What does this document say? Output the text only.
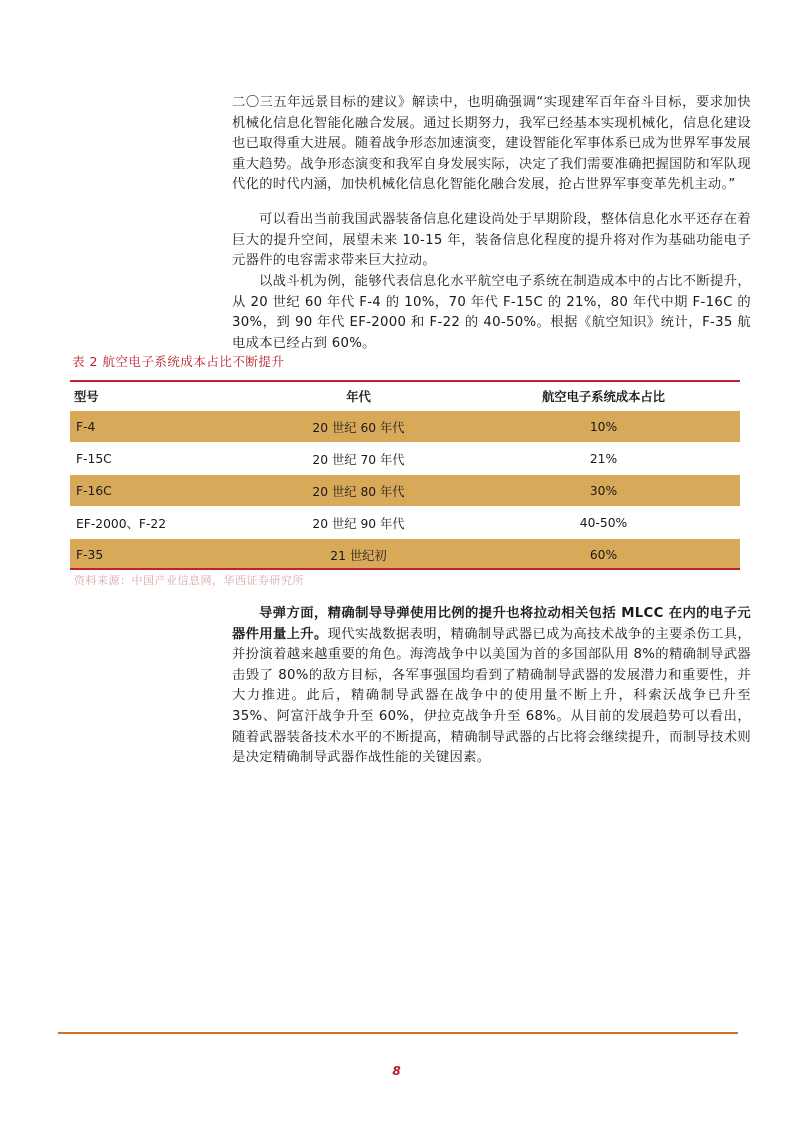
二〇三五年远景目标的建议》解读中，也明确强调“实现建军百年奋斗目标，要求加快机械化信息化智能化融合发展。通过长期努力，我军已经基本实现机械化，信息化建设也已取得重大进展。随着战争形态加速演变，建设智能化军事体系已成为世界军事发展重大趋势。战争形态演变和我军自身发展实际，决定了我们需要准确把握国防和军队现代化的时代内涵，加快机械化信息化智能化融合发展，抢占世界军事变革先机主动。”

可以看出当前我国武器装备信息化建设尚处于早期阶段，整体信息化水平还存在着巨大的提升空间，展望未来 10-15 年，装备信息化程度的提升将对作为基础功能电子元器件的电容需求带来巨大拉动。

以战斗机为例，能够代表信息化水平航空电子系统在制造成本中的占比不断提升，从 20 世纪 60 年代 F-4 的 10%，70 年代 F-15C 的 21%，80 年代中期 F-16C 的 30%，到 90 年代 EF-2000 和 F-22 的 40-50%。根据《航空知识》统计，F-35 航电成本已经占到 60%。

表 2 航空电子系统成本占比不断提升
型号	年代	航空电子系统成本占比
F-4	20 世纪 60 年代	10%
F-15C	20 世纪 70 年代	21%
F-16C	20 世纪 80 年代	30%
EF-2000、F-22	20 世纪 90 年代	40-50%
F-35	21 世纪初	60%
资料来源：中国产业信息网，华西证券研究所

导弹方面，精确制导导弹使用比例的提升也将拉动相关包括 MLCC 在内的电子元器件用量上升。现代实战数据表明，精确制导武器已成为高技术战争的主要杀伤工具，并扮演着越来越重要的角色。海湾战争中以美国为首的多国部队用 8%的精确制导武器击毁了 80%的敌方目标，各军事强国均看到了精确制导武器的发展潜力和重要性，并大力推进。此后，精确制导武器在战争中的使用量不断上升，科索沃战争已升至 35%、阿富汗战争升至 60%，伊拉克战争升至 68%。从目前的发展趋势可以看出，随着武器装备技术水平的不断提高，精确制导武器的占比将会继续提升，而制导技术则是决定精确制导武器作战性能的关键因素。

8
